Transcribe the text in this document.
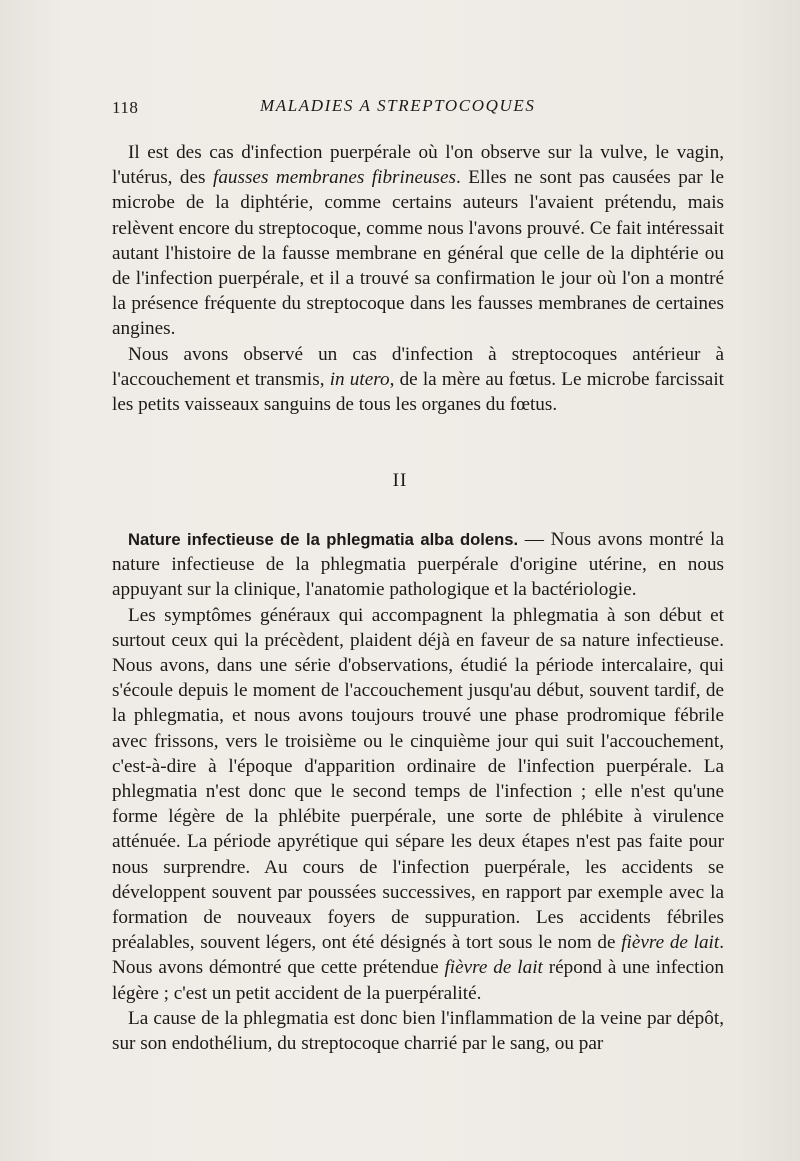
118	MALADIES A STREPTOCOQUES

Il est des cas d'infection puerpérale où l'on observe sur la vulve, le vagin, l'utérus, des fausses membranes fibrineuses. Elles ne sont pas causées par le microbe de la diphtérie, comme certains auteurs l'avaient prétendu, mais relèvent encore du streptocoque, comme nous l'avons prouvé. Ce fait intéressait autant l'histoire de la fausse membrane en général que celle de la diphtérie ou de l'infection puerpérale, et il a trouvé sa confirmation le jour où l'on a montré la présence fréquente du streptocoque dans les fausses membranes de certaines angines.

Nous avons observé un cas d'infection à streptocoques antérieur à l'accouchement et transmis, in utero, de la mère au fœtus. Le microbe farcissait les petits vaisseaux sanguins de tous les organes du fœtus.

II

Nature infectieuse de la phlegmatia alba dolens. — Nous avons montré la nature infectieuse de la phlegmatia puerpérale d'origine utérine, en nous appuyant sur la clinique, l'anatomie pathologique et la bactériologie.

Les symptômes généraux qui accompagnent la phlegmatia à son début et surtout ceux qui la précèdent, plaident déjà en faveur de sa nature infectieuse. Nous avons, dans une série d'observations, étudié la période intercalaire, qui s'écoule depuis le moment de l'accouchement jusqu'au début, souvent tardif, de la phlegmatia, et nous avons toujours trouvé une phase prodromique fébrile avec frissons, vers le troisième ou le cinquième jour qui suit l'accouchement, c'est-à-dire à l'époque d'apparition ordinaire de l'infection puerpérale. La phlegmatia n'est donc que le second temps de l'infection ; elle n'est qu'une forme légère de la phlébite puerpérale, une sorte de phlébite à virulence atténuée. La période apyrétique qui sépare les deux étapes n'est pas faite pour nous surprendre. Au cours de l'infection puerpérale, les accidents se développent souvent par poussées successives, en rapport par exemple avec la formation de nouveaux foyers de suppuration. Les accidents fébriles préalables, souvent légers, ont été désignés à tort sous le nom de fièvre de lait. Nous avons démontré que cette prétendue fièvre de lait répond à une infection légère ; c'est un petit accident de la puerpéralité.

La cause de la phlegmatia est donc bien l'inflammation de la veine par dépôt, sur son endothélium, du streptocoque charrié par le sang, ou par
